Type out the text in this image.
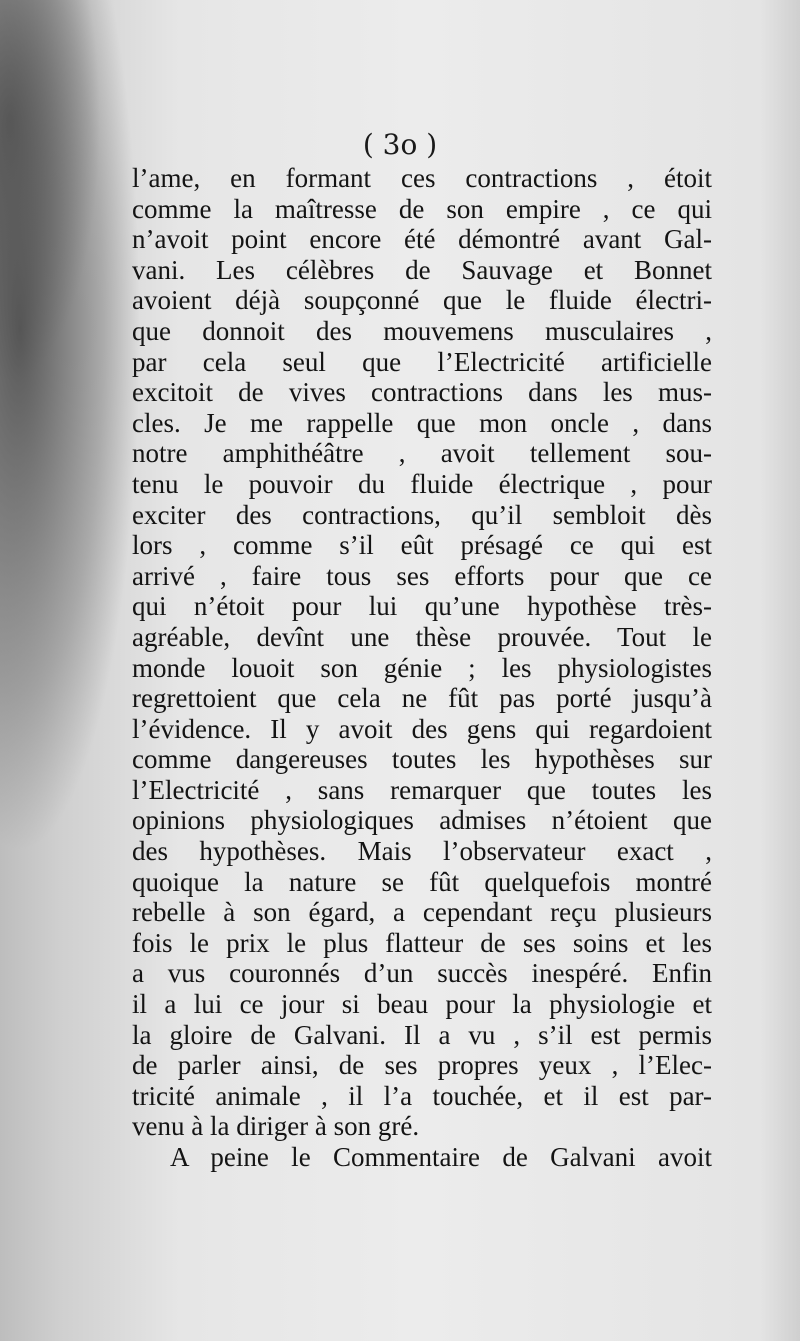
( 3o )
l’ame, en formant ces contractions , étoit
comme la maîtresse de son empire , ce qui
n’avoit point encore été démontré avant Gal-
vani. Les célèbres de Sauvage et Bonnet
avoient déjà soupçonné que le fluide électri-
que donnoit des mouvemens musculaires ,
par cela seul que l’Electricité artificielle
excitoit de vives contractions dans les mus-
cles. Je me rappelle que mon oncle , dans
notre amphithéâtre , avoit tellement sou-
tenu le pouvoir du fluide électrique , pour
exciter des contractions, qu’il sembloit dès
lors , comme s’il eût présagé ce qui est
arrivé , faire tous ses efforts pour que ce
qui n’étoit pour lui qu’une hypothèse très-
agréable, devînt une thèse prouvée. Tout le
monde louoit son génie ; les physiologistes
regrettoient que cela ne fût pas porté jusqu’à
l’évidence. Il y avoit des gens qui regardoient
comme dangereuses toutes les hypothèses sur
l’Electricité , sans remarquer que toutes les
opinions physiologiques admises n’étoient que
des hypothèses. Mais l’observateur exact ,
quoique la nature se fût quelquefois montré
rebelle à son égard, a cependant reçu plusieurs
fois le prix le plus flatteur de ses soins et les
a vus couronnés d’un succès inespéré. Enfin
il a lui ce jour si beau pour la physiologie et
la gloire de Galvani. Il a vu , s’il est permis
de parler ainsi, de ses propres yeux , l’Elec-
tricité animale , il l’a touchée, et il est par-
venu à la diriger à son gré.
A peine le Commentaire de Galvani avoit
